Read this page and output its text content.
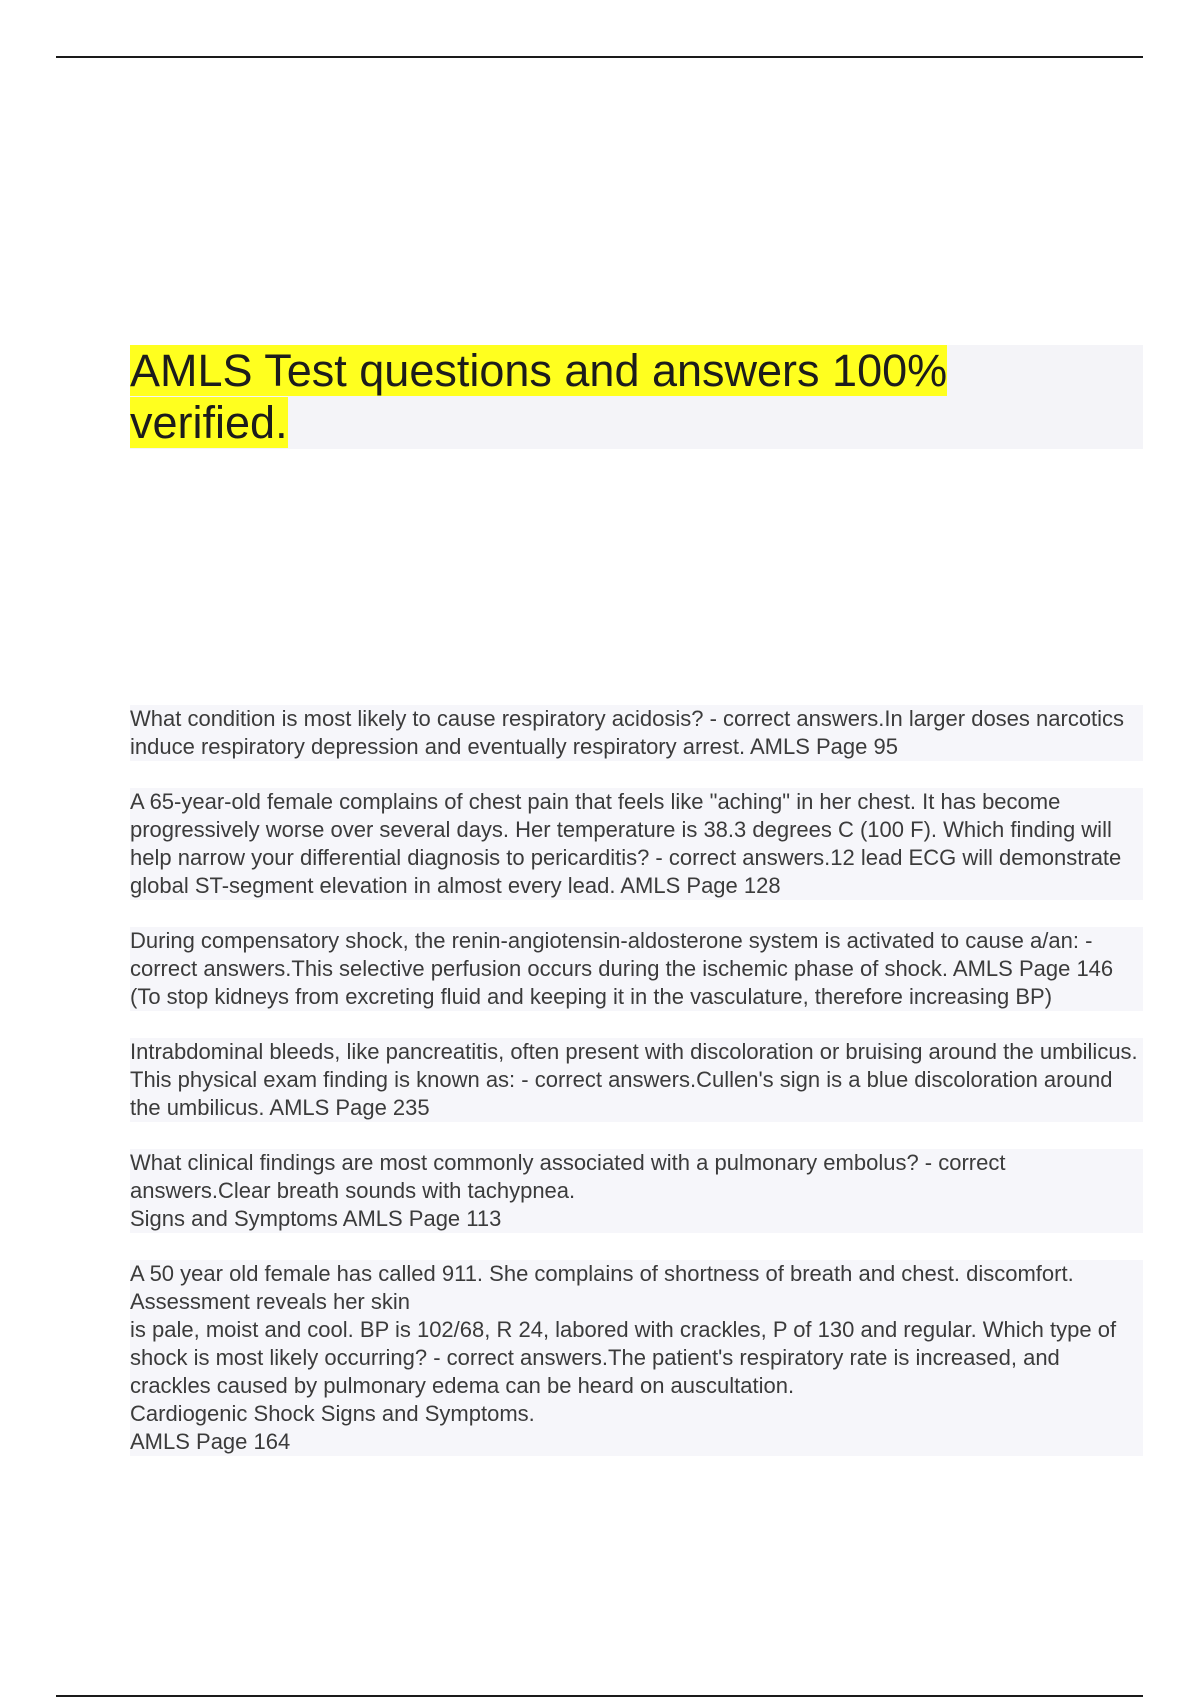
AMLS Test questions and answers 100% verified.

What condition is most likely to cause respiratory acidosis? - correct answers.In larger doses narcotics induce respiratory depression and eventually respiratory arrest. AMLS Page 95

A 65-year-old female complains of chest pain that feels like "aching" in her chest. It has become progressively worse over several days. Her temperature is 38.3 degrees C (100 F). Which finding will help narrow your differential diagnosis to pericarditis? - correct answers.12 lead ECG will demonstrate global ST-segment elevation in almost every lead. AMLS Page 128

During compensatory shock, the renin-angiotensin-aldosterone system is activated to cause a/an: - correct answers.This selective perfusion occurs during the ischemic phase of shock. AMLS Page 146 (To stop kidneys from excreting fluid and keeping it in the vasculature, therefore increasing BP)

Intrabdominal bleeds, like pancreatitis, often present with discoloration or bruising around the umbilicus. This physical exam finding is known as: - correct answers.Cullen's sign is a blue discoloration around the umbilicus. AMLS Page 235

What clinical findings are most commonly associated with a pulmonary embolus? - correct answers.Clear breath sounds with tachypnea.
Signs and Symptoms AMLS Page 113

A 50 year old female has called 911. She complains of shortness of breath and chest. discomfort. Assessment reveals her skin
is pale, moist and cool. BP is 102/68, R 24, labored with crackles, P of 130 and regular. Which type of shock is most likely occurring? - correct answers.The patient's respiratory rate is increased, and crackles caused by pulmonary edema can be heard on auscultation.
Cardiogenic Shock Signs and Symptoms.
AMLS Page 164
